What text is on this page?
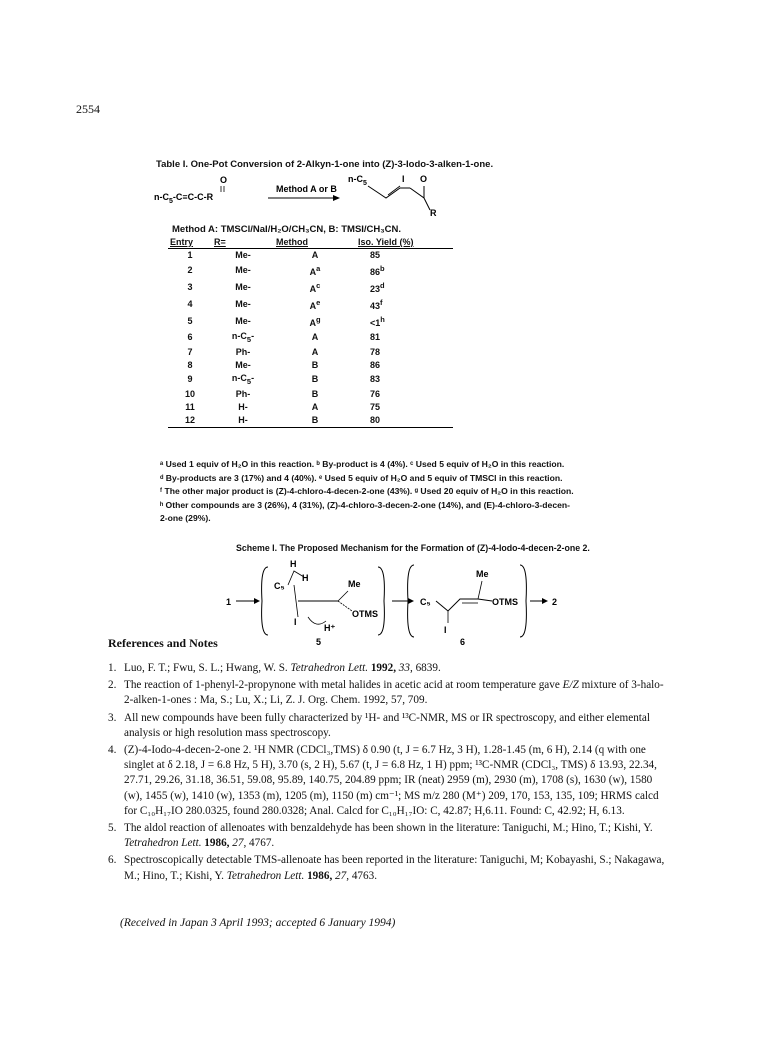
2554
Table I. One-Pot Conversion of 2-Alkyn-1-one into (Z)-3-Iodo-3-alken-1-one.
$n-C_5-C\equiv C-C-R$
O
Method A or B
$n-C_5$	I O
R
Method A: TMSCl/NaI/H₂O/CH₃CN, B: TMSI/CH₃CN.
Entry	R=	Method	Iso. Yield (%)
1	Me-	A	85
2	Me-	$A^a$	86$^b$
3	Me-	$A^c$	23$^d$
4	Me-	$A^e$	43$^f$
5	Me-	$A^g$	$<1^h$
6	$n-C_5-$	A	81
7	Ph-	A	78
8	Me-	B	86
9	$n-C_5-$	B	83
10	Ph-	B	76
11	H-	A	75
12	H-	B	80
ᵃ Used 1 equiv of H₂O in this reaction. ᵇ By-product is 4 (4%). ᶜ Used 5 equiv of H₂O in this reaction.
ᵈ By-products are 3 (17%) and 4 (40%). ᵉ Used 5 equiv of H₂O and 5 equiv of TMSCl in this reaction.
ᶠ The other major product is (Z)-4-chloro-4-decen-2-one (43%). ᵍ Used 20 equiv of H₂O in this reaction.
ʰ Other compounds are 3 (26%), 4 (31%), (Z)-4-chloro-3-decen-2-one (14%), and (E)-4-chloro-3-decen-
2-one (29%).
Scheme I. The Proposed Mechanism for the Formation of (Z)-4-Iodo-4-decen-2-one 2.
1
H
H
C₅	Me
OTMS
I
H⁺
5
C₅
Me
OTMS
I
6
2
References and Notes
1. Luo, F. T.; Fwu, S. L.; Hwang, W. S. Tetrahedron Lett. 1992, 33, 6839.
2. The reaction of 1-phenyl-2-propynone with metal halides in acetic acid at room temperature gave E/Z mixture of 3-halo-2-alken-1-ones : Ma, S.; Lu, X.; Li, Z. J. Org. Chem. 1992, 57, 709.
3. All new compounds have been fully characterized by ¹H- and ¹³C-NMR, MS or IR spectroscopy, and either elemental analysis or high resolution mass spectroscopy.
4. (Z)-4-Iodo-4-decen-2-one 2. ¹H NMR (CDCl₃,TMS) δ 0.90 (t, J = 6.7 Hz, 3 H), 1.28-1.45 (m, 6 H), 2.14 (q with one singlet at δ 2.18, J = 6.8 Hz, 5 H), 3.70 (s, 2 H), 5.67 (t, J = 6.8 Hz, 1 H) ppm; ¹³C-NMR (CDCl₃, TMS) δ 13.93, 22.34, 27.71, 29.26, 31.18, 36.51, 59.08, 95.89, 140.75, 204.89 ppm; IR (neat) 2959 (m), 2930 (m), 1708 (s), 1630 (w), 1580 (w), 1455 (w), 1410 (w), 1353 (m), 1205 (m), 1150 (m) cm⁻¹; MS m/z 280 (M⁺) 209, 170, 153, 135, 109; HRMS calcd for C₁₀H₁₇IO 280.0325, found 280.0328; Anal. Calcd for C₁₀H₁₇IO: C, 42.87; H,6.11. Found: C, 42.92; H, 6.13.
5. The aldol reaction of allenoates with benzaldehyde has been shown in the literature: Taniguchi, M.; Hino, T.; Kishi, Y. Tetrahedron Lett. 1986, 27, 4767.
6. Spectroscopically detectable TMS-allenoate has been reported in the literature: Taniguchi, M; Kobayashi, S.; Nakagawa, M.; Hino, T.; Kishi, Y. Tetrahedron Lett. 1986, 27, 4763.
(Received in Japan 3 April 1993; accepted 6 January 1994)
